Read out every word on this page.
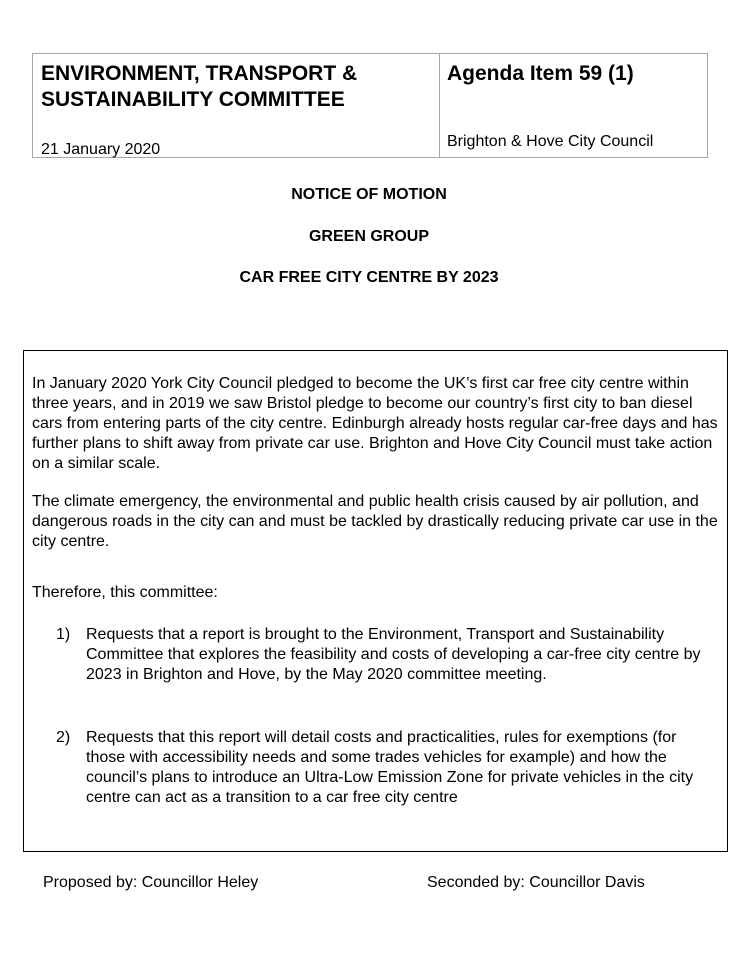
ENVIRONMENT, TRANSPORT &
SUSTAINABILITY COMMITTEE
21 January 2020
Agenda Item 59 (1)
Brighton & Hove City Council
NOTICE OF MOTION
GREEN GROUP
CAR FREE CITY CENTRE BY 2023

In January 2020 York City Council pledged to become the UK’s first car free city centre within three years, and in 2019 we saw Bristol pledge to become our country’s first city to ban diesel cars from entering parts of the city centre. Edinburgh already hosts regular car-free days and has further plans to shift away from private car use. Brighton and Hove City Council must take action on a similar scale.

The climate emergency, the environmental and public health crisis caused by air pollution, and dangerous roads in the city can and must be tackled by drastically reducing private car use in the city centre.

Therefore, this committee:

1) Requests that a report is brought to the Environment, Transport and Sustainability Committee that explores the feasibility and costs of developing a car-free city centre by 2023 in Brighton and Hove, by the May 2020 committee meeting.
2) Requests that this report will detail costs and practicalities, rules for exemptions (for those with accessibility needs and some trades vehicles for example) and how the council’s plans to introduce an Ultra-Low Emission Zone for private vehicles in the city centre can act as a transition to a car free city centre
Proposed by: Councillor Heley	Seconded by: Councillor Davis
